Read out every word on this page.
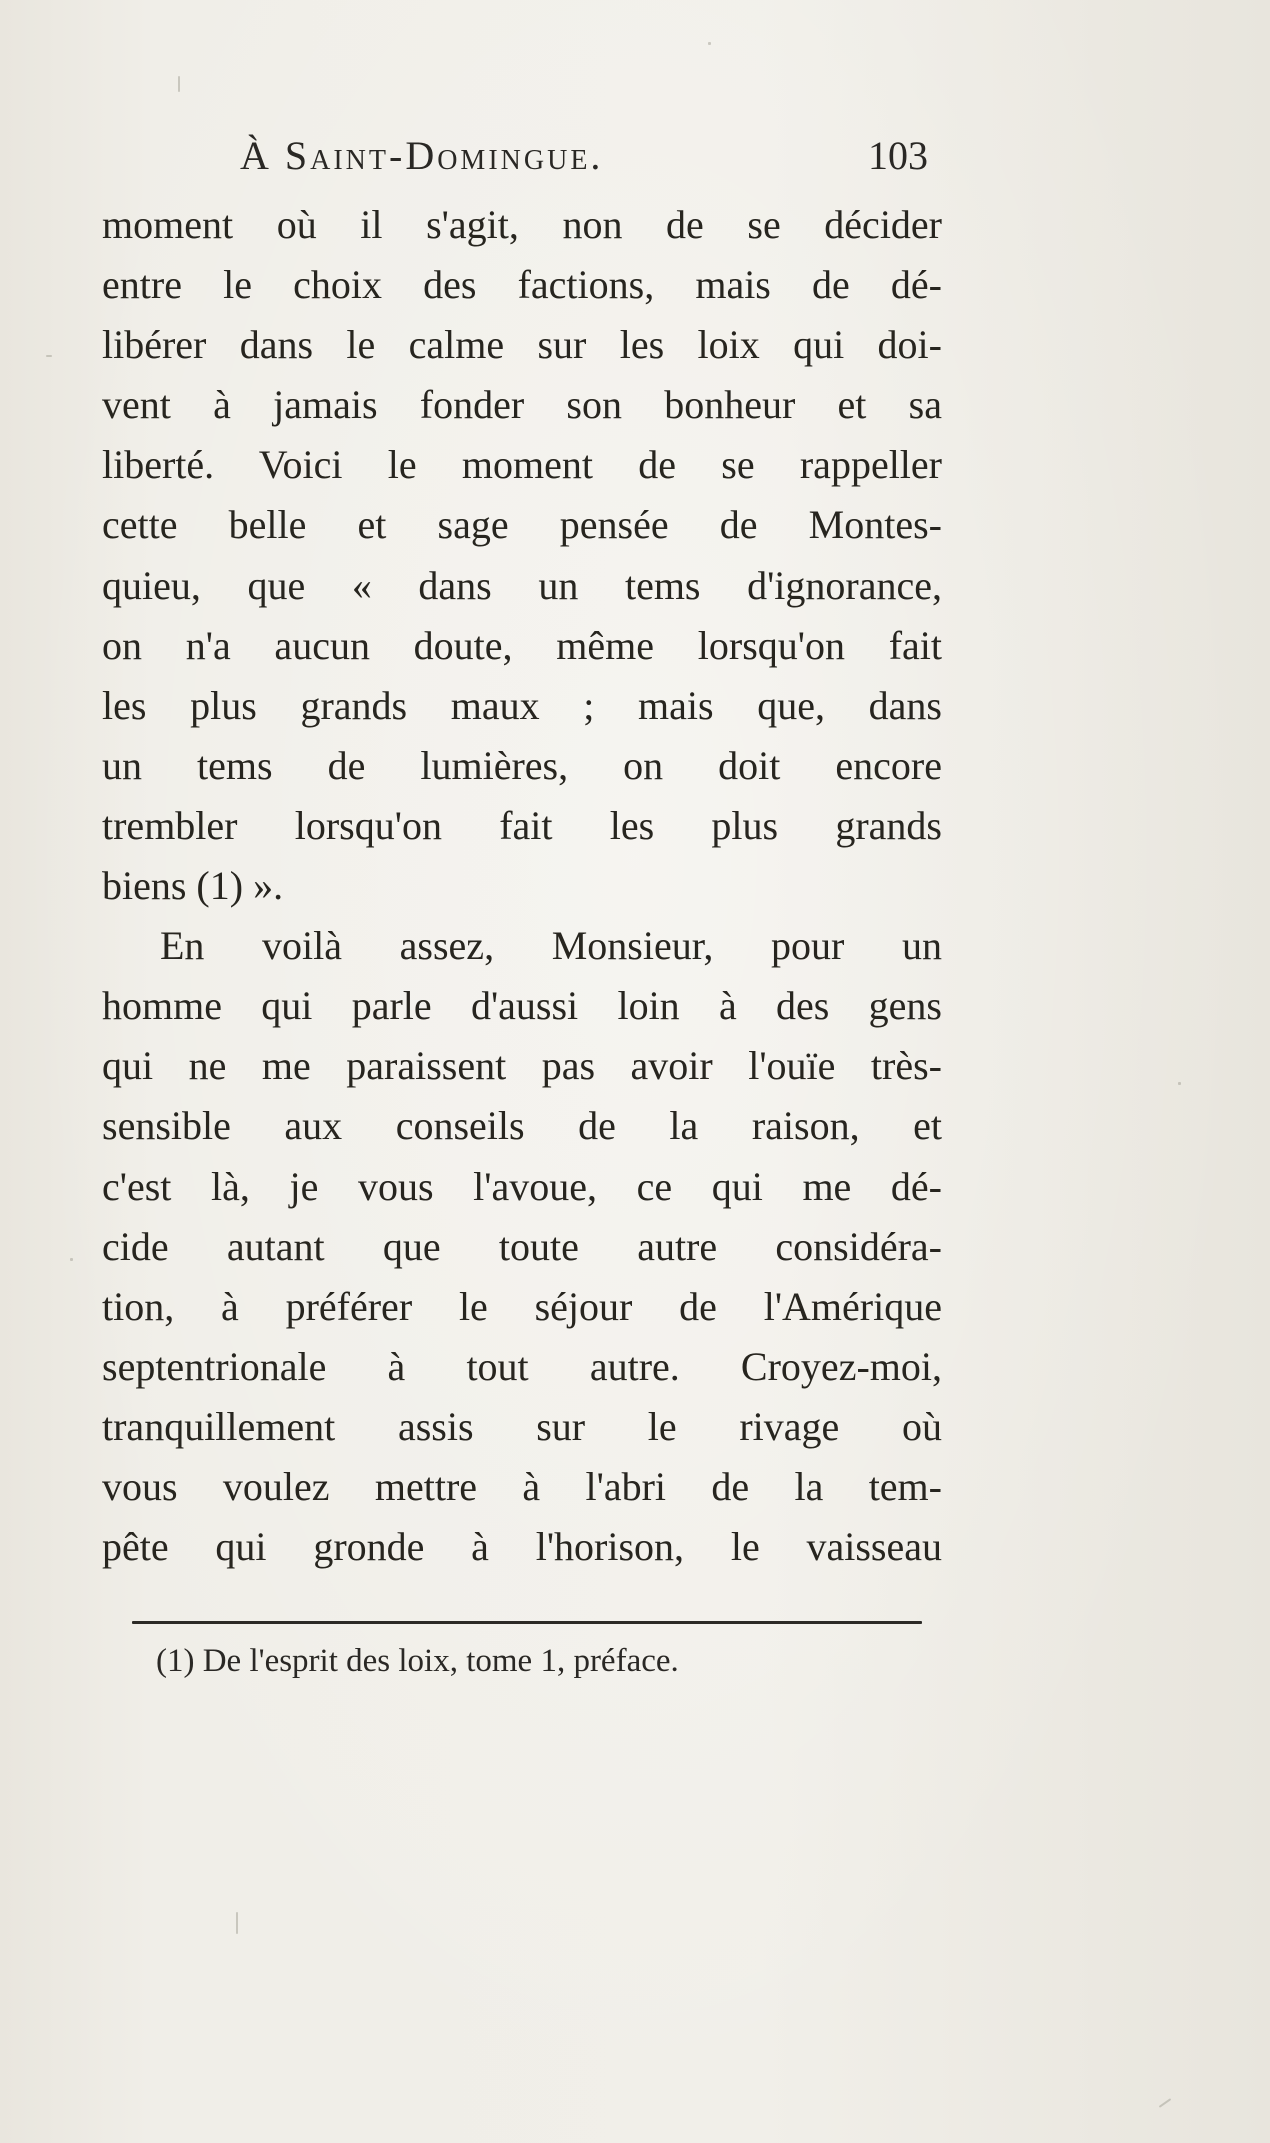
À Saint-Domingue.	103
moment où il s'agit, non de se décider
entre le choix des factions, mais de dé-
libérer dans le calme sur les loix qui doi-
vent à jamais fonder son bonheur et sa
liberté. Voici le moment de se rappeller
cette belle et sage pensée de Montes-
quieu, que « dans un tems d'ignorance,
on n'a aucun doute, même lorsqu'on fait
les plus grands maux ; mais que, dans
un tems de lumières, on doit encore
trembler lorsqu'on fait les plus grands
biens (1) ».
En voilà assez, Monsieur, pour un
homme qui parle d'aussi loin à des gens
qui ne me paraissent pas avoir l'ouïe très-
sensible aux conseils de la raison, et
c'est là, je vous l'avoue, ce qui me dé-
cide autant que toute autre considéra-
tion, à préférer le séjour de l'Amérique
septentrionale à tout autre. Croyez-moi,
tranquillement assis sur le rivage où
vous voulez mettre à l'abri de la tem-
pête qui gronde à l'horison, le vaisseau
(1) De l'esprit des loix, tome 1, préface.
